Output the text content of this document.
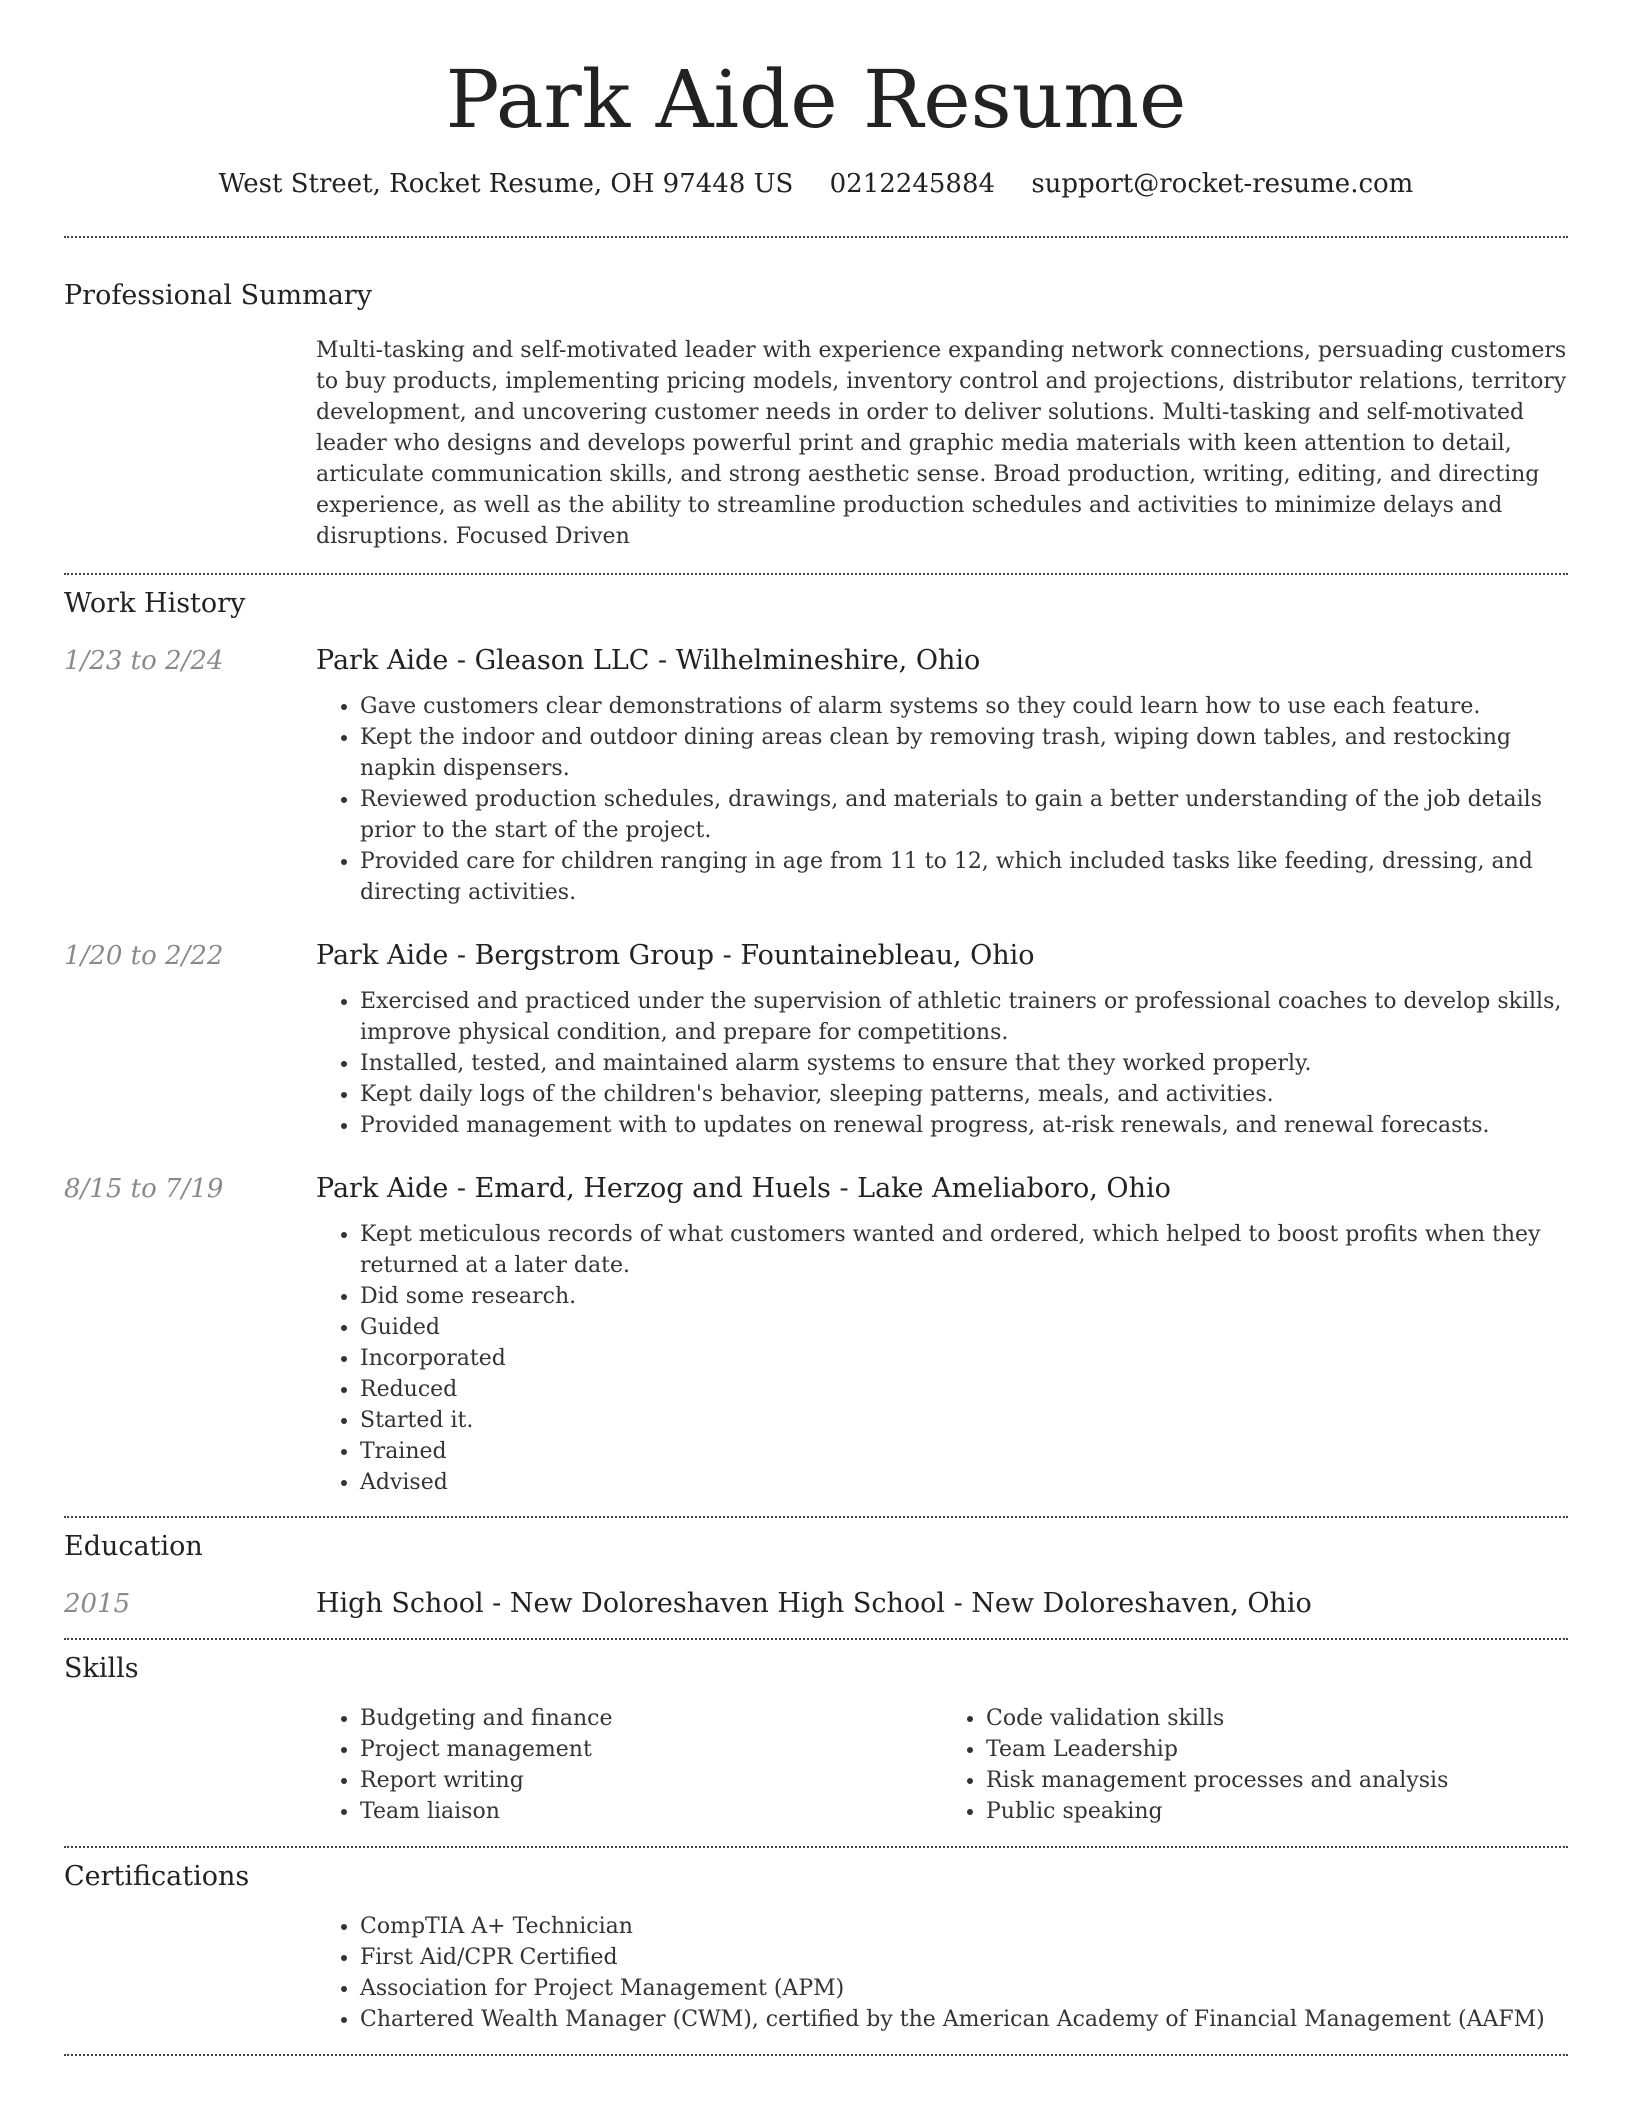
Park Aide Resume
West Street, Rocket Resume, OH 97448 US 0212245884 support@rocket-resume.com
Professional Summary
Multi-tasking and self-motivated leader with experience expanding network connections, persuading customers to buy products, implementing pricing models, inventory control and projections, distributor relations, territory development, and uncovering customer needs in order to deliver solutions. Multi-tasking and self-motivated leader who designs and develops powerful print and graphic media materials with keen attention to detail, articulate communication skills, and strong aesthetic sense. Broad production, writing, editing, and directing experience, as well as the ability to streamline production schedules and activities to minimize delays and disruptions. Focused Driven
Work History
1/23 to 2/24	Park Aide - Gleason LLC - Wilhelmineshire, Ohio
• Gave customers clear demonstrations of alarm systems so they could learn how to use each feature.
• Kept the indoor and outdoor dining areas clean by removing trash, wiping down tables, and restocking napkin dispensers.
• Reviewed production schedules, drawings, and materials to gain a better understanding of the job details prior to the start of the project.
• Provided care for children ranging in age from 11 to 12, which included tasks like feeding, dressing, and directing activities.
1/20 to 2/22	Park Aide - Bergstrom Group - Fountainebleau, Ohio
• Exercised and practiced under the supervision of athletic trainers or professional coaches to develop skills, improve physical condition, and prepare for competitions.
• Installed, tested, and maintained alarm systems to ensure that they worked properly.
• Kept daily logs of the children's behavior, sleeping patterns, meals, and activities.
• Provided management with to updates on renewal progress, at-risk renewals, and renewal forecasts.
8/15 to 7/19	Park Aide - Emard, Herzog and Huels - Lake Ameliaboro, Ohio
• Kept meticulous records of what customers wanted and ordered, which helped to boost profits when they returned at a later date.
• Did some research.
• Guided
• Incorporated
• Reduced
• Started it.
• Trained
• Advised
Education
2015	High School - New Doloreshaven High School - New Doloreshaven, Ohio
Skills
• Budgeting and finance
• Project management
• Report writing
• Team liaison
• Code validation skills
• Team Leadership
• Risk management processes and analysis
• Public speaking
Certifications
• CompTIA A+ Technician
• First Aid/CPR Certified
• Association for Project Management (APM)
• Chartered Wealth Manager (CWM), certified by the American Academy of Financial Management (AAFM)
